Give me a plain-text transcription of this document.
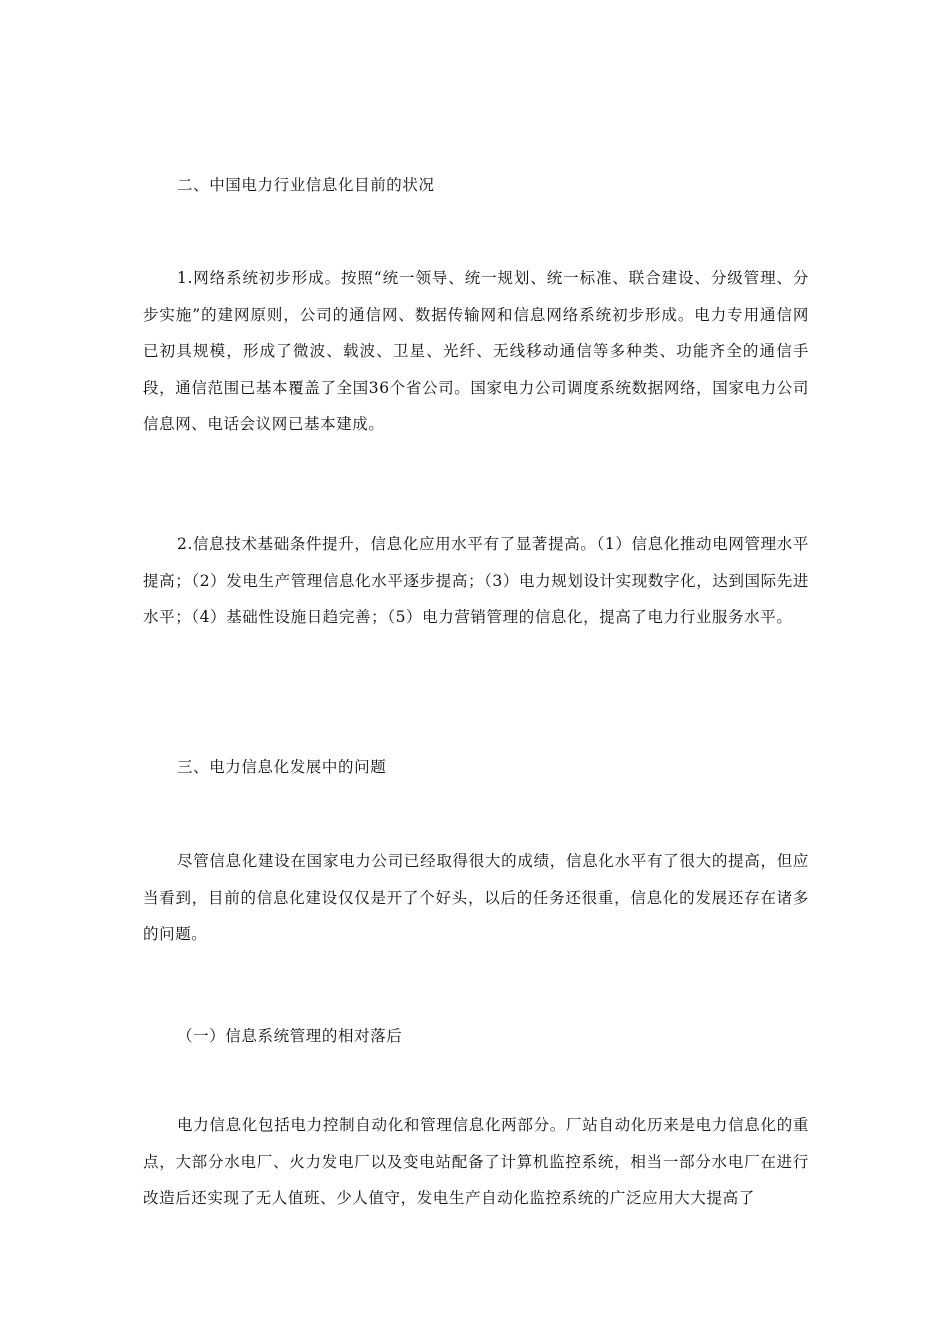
二、中国电力行业信息化目前的状况

1.网络系统初步形成。按照“统一领导、统一规划、统一标准、联合建设、分级管理、分步实施”的建网原则，公司的通信网、数据传输网和信息网络系统初步形成。电力专用通信网已初具规模，形成了微波、载波、卫星、光纤、无线移动通信等多种类、功能齐全的通信手段，通信范围已基本覆盖了全国36个省公司。国家电力公司调度系统数据网络，国家电力公司信息网、电话会议网已基本建成。

2.信息技术基础条件提升，信息化应用水平有了显著提高。（1）信息化推动电网管理水平提高；（2）发电生产管理信息化水平逐步提高；（3）电力规划设计实现数字化，达到国际先进水平；（4）基础性设施日趋完善；（5）电力营销管理的信息化，提高了电力行业服务水平。

三、电力信息化发展中的问题

尽管信息化建设在国家电力公司已经取得很大的成绩，信息化水平有了很大的提高，但应当看到，目前的信息化建设仅仅是开了个好头，以后的任务还很重，信息化的发展还存在诸多的问题。

（一）信息系统管理的相对落后

电力信息化包括电力控制自动化和管理信息化两部分。厂站自动化历来是电力信息化的重点，大部分水电厂、火力发电厂以及变电站配备了计算机监控系统，相当一部分水电厂在进行改造后还实现了无人值班、少人值守，发电生产自动化监控系统的广泛应用大大提高了
